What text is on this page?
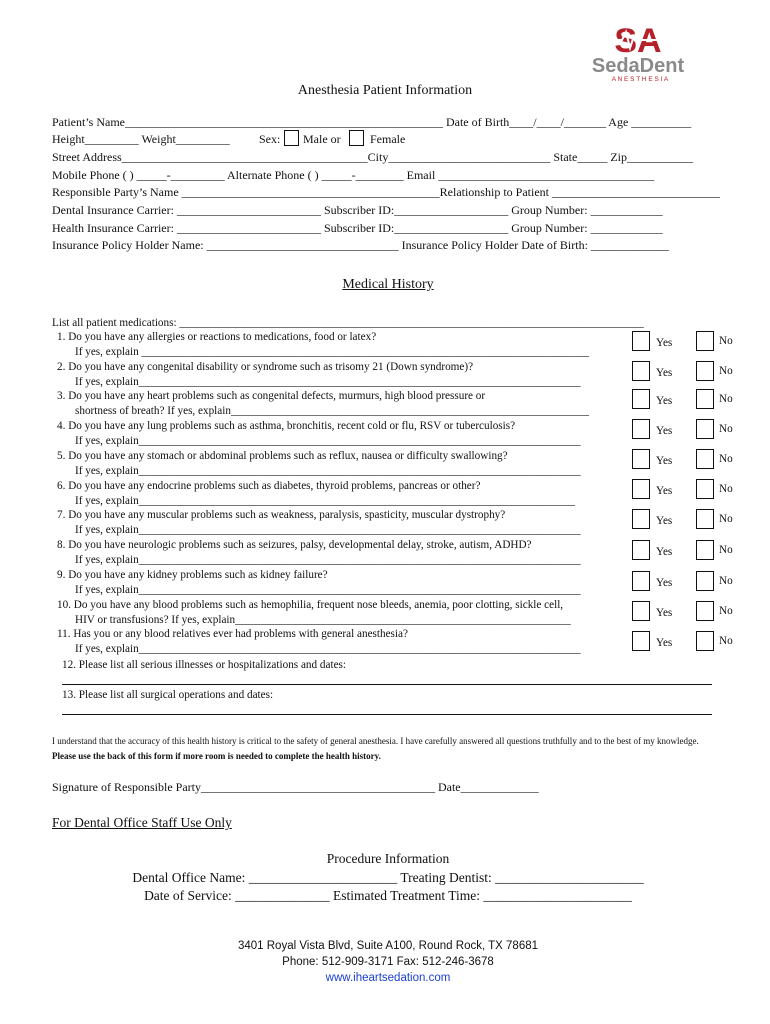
SA
SedaDent
A N E S T H E S I A
Anesthesia Patient Information
Patient’s Name_____________________________________________________ Date of Birth____/____/_______ Age __________
Height_________ Weight_________ Sex: Male or Female
Street Address_________________________________________City___________________________ State_____ Zip___________
Mobile Phone ( ) _____-_________ Alternate Phone ( ) _____-________ Email ____________________________________
Responsible Party’s Name ___________________________________________Relationship to Patient ____________________________
Dental Insurance Carrier: ________________________ Subscriber ID:___________________ Group Number: ____________
Health Insurance Carrier: ________________________ Subscriber ID:___________________ Group Number: ____________
Insurance Policy Holder Name: ________________________________ Insurance Policy Holder Date of Birth: _____________
Medical History
List all patient medications: ___________________________________________________________________________________
1. Do you have any allergies or reactions to medications, food or latex?
If yes, explain ________________________________________________________________________________
Yes	No
2. Do you have any congenital disability or syndrome such as trisomy 21 (Down syndrome)?
If yes, explain_______________________________________________________________________________
Yes	No
3. Do you have any heart problems such as congenital defects, murmurs, high blood pressure or
shortness of breath? If yes, explain________________________________________________________________
Yes	No
4. Do you have any lung problems such as asthma, bronchitis, recent cold or flu, RSV or tuberculosis?
If yes, explain_______________________________________________________________________________
Yes	No
5. Do you have any stomach or abdominal problems such as reflux, nausea or difficulty swallowing?
If yes, explain_______________________________________________________________________________
Yes	No
6. Do you have any endocrine problems such as diabetes, thyroid problems, pancreas or other?
If yes, explain______________________________________________________________________________
Yes	No
7. Do you have any muscular problems such as weakness, paralysis, spasticity, muscular dystrophy?
If yes, explain_______________________________________________________________________________
Yes	No
8. Do you have neurologic problems such as seizures, palsy, developmental delay, stroke, autism, ADHD?
If yes, explain_______________________________________________________________________________
Yes	No
9. Do you have any kidney problems such as kidney failure?
If yes, explain_______________________________________________________________________________
Yes	No
10. Do you have any blood problems such as hemophilia, frequent nose bleeds, anemia, poor clotting, sickle cell,
HIV or transfusions? If yes, explain____________________________________________________________
Yes	No
11. Has you or any blood relatives ever had problems with general anesthesia?
If yes, explain_______________________________________________________________________________	Yes	No
12. Please list all serious illnesses or hospitalizations and dates:
13. Please list all surgical operations and dates:
I understand that the accuracy of this health history is critical to the safety of general anesthesia. I have carefully answered all questions truthfully and to the best of my knowledge. Please use the back of this form if more room is needed to complete the health history.
Signature of Responsible Party_______________________________________ Date_____________
For Dental Office Staff Use Only
Procedure Information
Dental Office Name: ______________________ Treating Dentist: ______________________
Date of Service: ______________ Estimated Treatment Time: ______________________
3401 Royal Vista Blvd, Suite A100, Round Rock, TX 78681
Phone: 512-909-3171 Fax: 512-246-3678
www.iheartsedation.com
